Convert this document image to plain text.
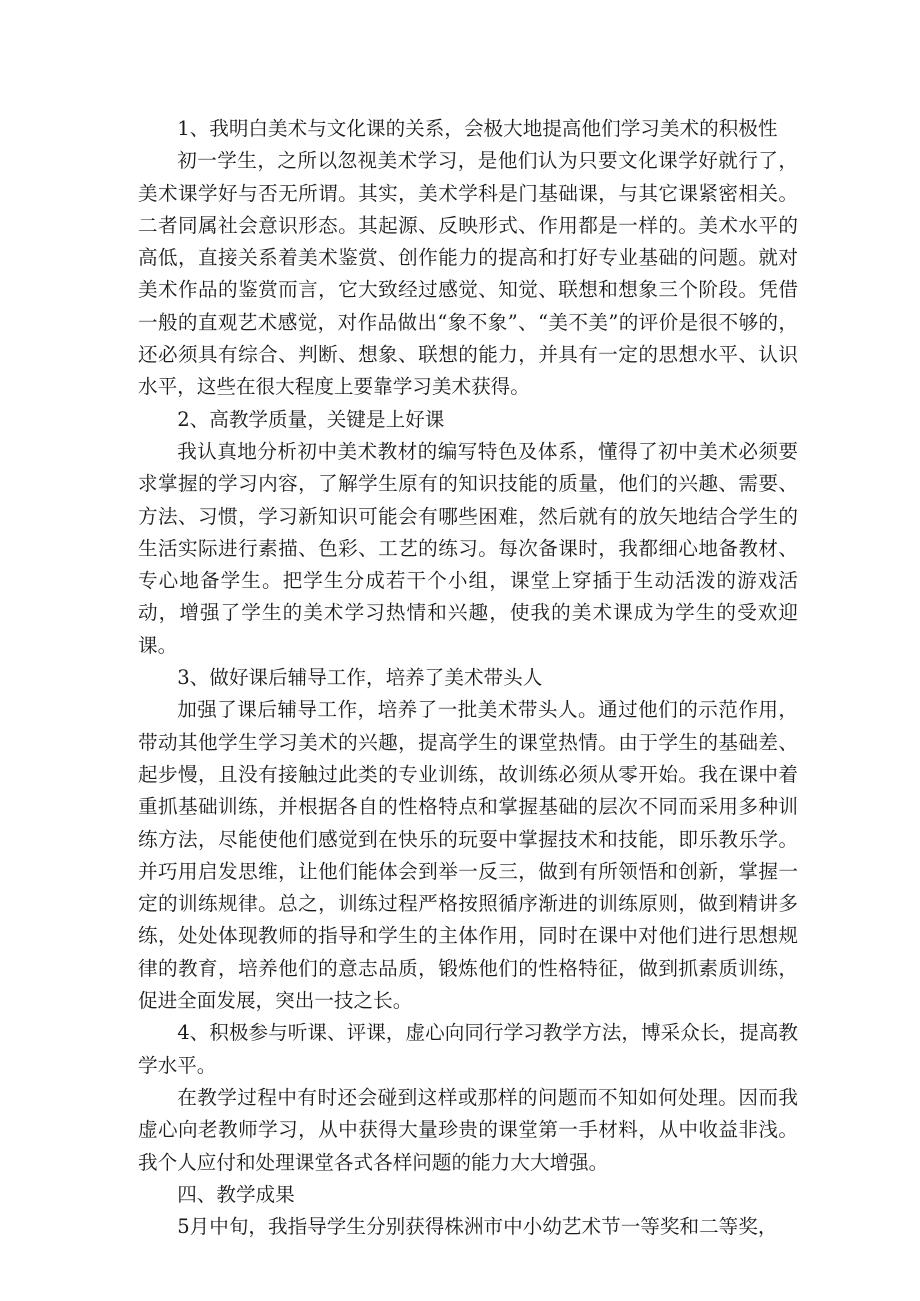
1、我明白美术与文化课的关系，会极大地提高他们学习美术的积极性

初一学生，之所以忽视美术学习，是他们认为只要文化课学好就行了，美术课学好与否无所谓。其实，美术学科是门基础课，与其它课紧密相关。二者同属社会意识形态。其起源、反映形式、作用都是一样的。美术水平的高低，直接关系着美术鉴赏、创作能力的提高和打好专业基础的问题。就对美术作品的鉴赏而言，它大致经过感觉、知觉、联想和想象三个阶段。凭借一般的直观艺术感觉，对作品做出“象不象”、“美不美”的评价是很不够的，还必须具有综合、判断、想象、联想的能力，并具有一定的思想水平、认识水平，这些在很大程度上要靠学习美术获得。

2、高教学质量，关键是上好课

我认真地分析初中美术教材的编写特色及体系，懂得了初中美术必须要求掌握的学习内容，了解学生原有的知识技能的质量，他们的兴趣、需要、方法、习惯，学习新知识可能会有哪些困难，然后就有的放矢地结合学生的生活实际进行素描、色彩、工艺的练习。每次备课时，我都细心地备教材、专心地备学生。把学生分成若干个小组，课堂上穿插于生动活泼的游戏活动，增强了学生的美术学习热情和兴趣，使我的美术课成为学生的受欢迎课。

3、做好课后辅导工作，培养了美术带头人

加强了课后辅导工作，培养了一批美术带头人。通过他们的示范作用，带动其他学生学习美术的兴趣，提高学生的课堂热情。由于学生的基础差、起步慢，且没有接触过此类的专业训练，故训练必须从零开始。我在课中着重抓基础训练，并根据各自的性格特点和掌握基础的层次不同而采用多种训练方法，尽能使他们感觉到在快乐的玩耍中掌握技术和技能，即乐教乐学。并巧用启发思维，让他们能体会到举一反三，做到有所领悟和创新，掌握一定的训练规律。总之，训练过程严格按照循序渐进的训练原则，做到精讲多练，处处体现教师的指导和学生的主体作用，同时在课中对他们进行思想规律的教育，培养他们的意志品质，锻炼他们的性格特征，做到抓素质训练，促进全面发展，突出一技之长。

4、积极参与听课、评课，虚心向同行学习教学方法，博采众长，提高教学水平。

在教学过程中有时还会碰到这样或那样的问题而不知如何处理。因而我虚心向老教师学习，从中获得大量珍贵的课堂第一手材料，从中收益非浅。我个人应付和处理课堂各式各样问题的能力大大增强。

四、教学成果

5月中旬，我指导学生分别获得株洲市中小幼艺术节一等奖和二等奖，
